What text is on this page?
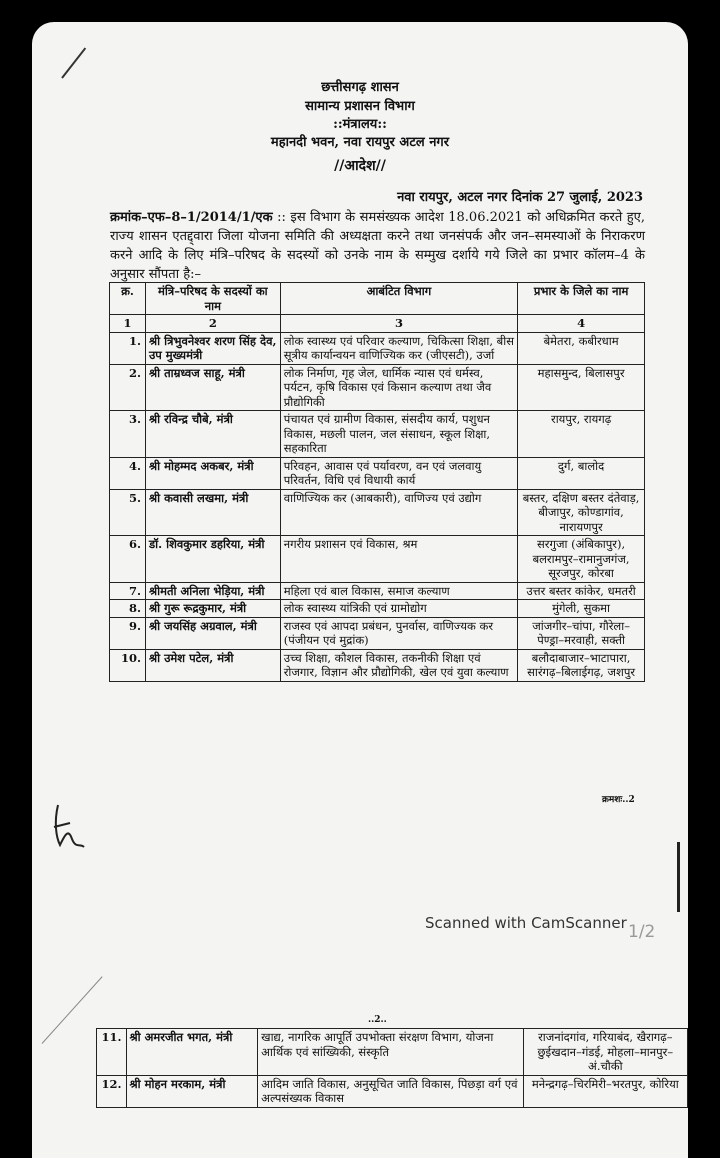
छत्तीसगढ़ शासन
सामान्य प्रशासन विभाग
::मंत्रालय::
महानदी भवन, नवा रायपुर अटल नगर
//आदेश//
नवा रायपुर, अटल नगर दिनांक 27 जुलाई, 2023
क्रमांक–एफ–8–1/2014/1/एक :: इस विभाग के समसंख्यक आदेश 18.06.2021 को अधिक्रमित करते हुए, राज्य शासन एतद्द्वारा जिला योजना समिति की अध्यक्षता करने तथा जनसंपर्क और जन–समस्याओं के निराकरण करने आदि के लिए मंत्रि–परिषद के सदस्यों को उनके नाम के सम्मुख दर्शाये गये जिले का प्रभार कॉलम–4 के अनुसार सौंपता है:–
क्र.	मंत्रि–परिषद के सदस्यों का नाम	आबंटित विभाग	प्रभार के जिले का नाम
1	2	3	4
1.	श्री त्रिभुवनेश्वर शरण सिंह देव, उप मुख्यमंत्री	लोक स्वास्थ्य एवं परिवार कल्याण, चिकित्सा शिक्षा, बीस सूत्रीय कार्यान्वयन वाणिज्यिक कर (जीएसटी), उर्जा	बेमेतरा, कबीरधाम
2.	श्री ताम्रध्वज साहू, मंत्री	लोक निर्माण, गृह जेल, धार्मिक न्यास एवं धर्मस्व, पर्यटन, कृषि विकास एवं किसान कल्याण तथा जैव प्रौद्योगिकी	महासमुन्द, बिलासपुर
3.	श्री रविन्द्र चौबे, मंत्री	पंचायत एवं ग्रामीण विकास, संसदीय कार्य, पशुधन विकास, मछली पालन, जल संसाधन, स्कूल शिक्षा, सहकारिता	रायपुर, रायगढ़
4.	श्री मोहम्मद अकबर, मंत्री	परिवहन, आवास एवं पर्यावरण, वन एवं जलवायु परिवर्तन, विधि एवं विधायी कार्य	दुर्ग, बालोद
5.	श्री कवासी लखमा, मंत्री	वाणिज्यिक कर (आबकारी), वाणिज्य एवं उद्योग	बस्तर, दक्षिण बस्तर दंतेवाड़, बीजापुर, कोण्डागांव, नारायणपुर
6.	डॉ. शिवकुमार डहरिया, मंत्री	नगरीय प्रशासन एवं विकास, श्रम	सरगुजा (अंबिकापुर), बलरामपुर–रामानुजगंज, सूरजपुर, कोरबा
7.	श्रीमती अनिला भेड़िया, मंत्री	महिला एवं बाल विकास, समाज कल्याण	उत्तर बस्तर कांकेर, धमतरी
8.	श्री गुरू रूद्रकुमार, मंत्री	लोक स्वास्थ्य यांत्रिकी एवं ग्रामोद्योग	मुंगेली, सुकमा
9.	श्री जयसिंह अग्रवाल, मंत्री	राजस्व एवं आपदा प्रबंधन, पुनर्वास, वाणिज्यक कर (पंजीयन एवं मुद्रांक)	जांजगीर–चांपा, गौरेला–पेण्ड्रा–मरवाही, सक्ती
10.	श्री उमेश पटेल, मंत्री	उच्च शिक्षा, कौशल विकास, तकनीकी शिक्षा एवं रोजगार, विज्ञान और प्रौद्योगिकी, खेल एवं युवा कल्याण	बलौदाबाजार–भाटापारा, सारंगढ़–बिलाईगढ़, जशपुर
क्रमशः..2
Scanned with CamScanner 1/2
..2..
11.	श्री अमरजीत भगत, मंत्री	खाद्य, नागरिक आपूर्ति उपभोक्ता संरक्षण विभाग, योजना आर्थिक एवं सांख्यिकी, संस्कृति	राजनांदगांव, गरियाबंद, खैरागढ़–छुईखदान–गंडई, मोहला–मानपुर–अं.चौकी
12.	श्री मोहन मरकाम, मंत्री	आदिम जाति विकास, अनुसूचित जाति विकास, पिछड़ा वर्ग एवं अल्पसंख्यक विकास	मनेन्द्रगढ़–चिरमिरी–भरतपुर, कोरिया
